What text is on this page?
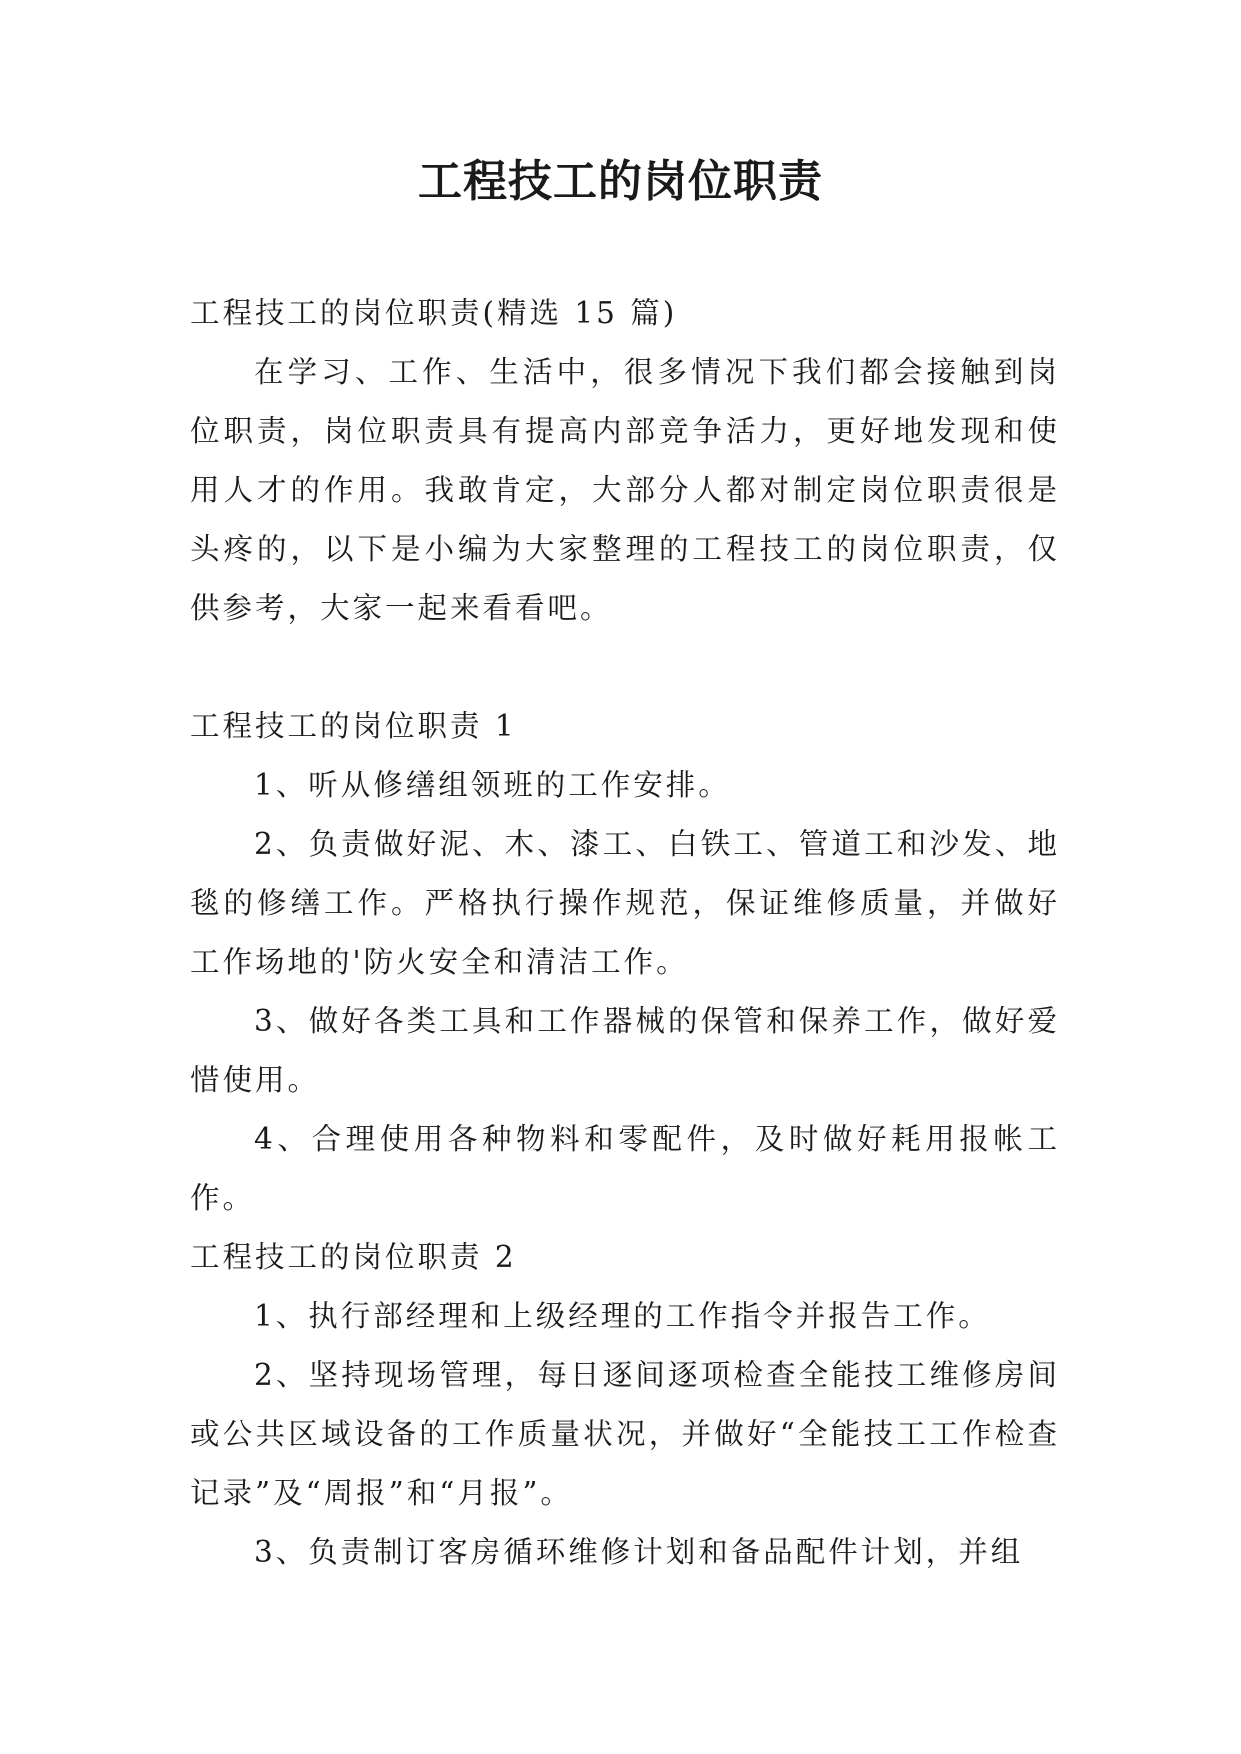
工程技工的岗位职责

工程技工的岗位职责(精选 15 篇)

在学习、工作、生活中，很多情况下我们都会接触到岗位职责，岗位职责具有提高内部竞争活力，更好地发现和使用人才的作用。我敢肯定，大部分人都对制定岗位职责很是头疼的，以下是小编为大家整理的工程技工的岗位职责，仅供参考，大家一起来看看吧。

工程技工的岗位职责 1

1、听从修缮组领班的工作安排。

2、负责做好泥、木、漆工、白铁工、管道工和沙发、地毯的修缮工作。严格执行操作规范，保证维修质量，并做好工作场地的'防火安全和清洁工作。

3、做好各类工具和工作器械的保管和保养工作，做好爱惜使用。

4、合理使用各种物料和零配件，及时做好耗用报帐工作。

工程技工的岗位职责 2

1、执行部经理和上级经理的工作指令并报告工作。

2、坚持现场管理，每日逐间逐项检查全能技工维修房间或公共区域设备的工作质量状况，并做好“全能技工工作检查记录”及“周报”和“月报”。

3、负责制订客房循环维修计划和备品配件计划，并组
